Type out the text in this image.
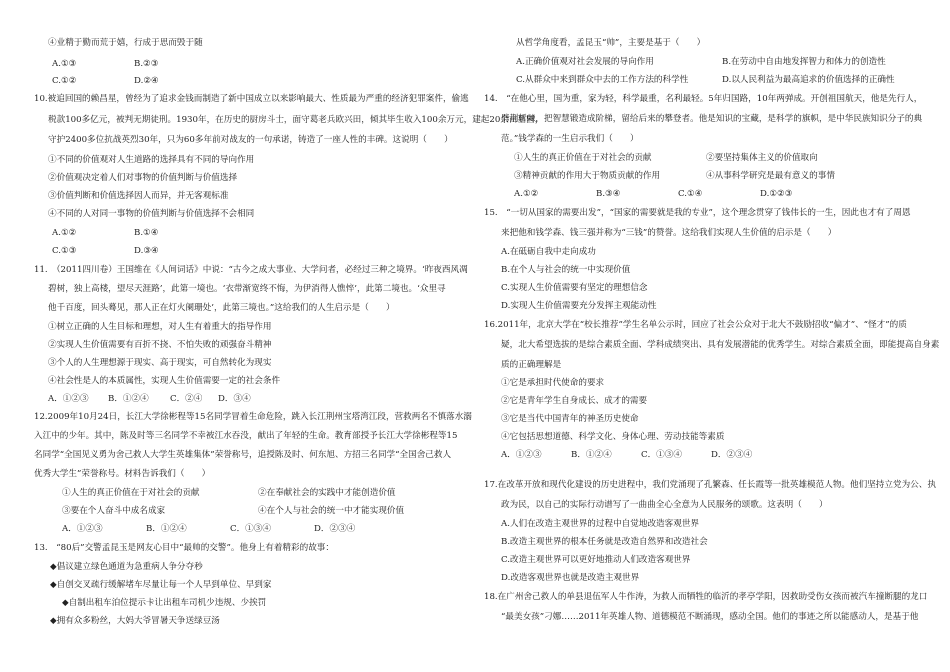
④业精于勤而荒于嬉，行成于思而毁于随
A.①③	B.②③
C.①②	D.②④
10.被追回国的赖昌星，曾经为了追求金钱而制造了新中国成立以来影响最大、性质最为严重的经济犯罪案件，偷逃
税款100多亿元，被判无期徒刑。1930年，在历史的厨房斗士，面守葛老兵欧兴田，倾其毕生收入100余万元，建起20余亩墓园，
守护2400多位抗战英烈30年，只为60多年前对战友的一句承诺，铸造了一座人性的丰碑。这说明（　　）
①不同的价值观对人生道路的选择具有不同的导向作用
②价值观决定着人们对事物的价值判断与价值选择
③价值判断和价值选择因人而异，并无客观标准
④不同的人对同一事物的价值判断与价值选择不会相同
A.①②	B.①④
C.①③	D.③④
11.　（2011四川卷）王国维在《人间词话》中说：“古今之成大事业、大学问者，必经过三种之境界。‘昨夜西风凋
碧树，独上高楼，望尽天涯路’，此第一境也。‘衣带渐宽终不悔，为伊消得人憔悴’，此第二境也。‘众里寻
他千百度，回头蓦见，那人正在灯火阑珊处’，此第三境也。”这给我们的人生启示是（　　）
①树立正确的人生目标和理想，对人生有着重大的指导作用
②实现人生价值需要有百折不挠、不怕失败的顽强奋斗精神
③个人的人生理想源于现实、高于现实，可自然转化为现实
④社会性是人的本质属性，实现人生价值需要一定的社会条件
A．①②③ B．①②④ C．②④ D．③④
12.2009年10月24日，长江大学徐彬程等15名同学冒着生命危险，跳入长江荆州宝塔湾江段，营救两名不慎落水溺
入江中的少年。其中，陈及时等三名同学不幸被江水吞没，献出了年轻的生命。教育部授予长江大学徐彬程等15
名同学“全国见义勇为舍己救人大学生英雄集体”荣誉称号，追授陈及时、何东旭、方招三名同学“全国舍己救人
优秀大学生”荣誉称号。材料告诉我们（　　）
①人生的真正价值在于对社会的贡献	②在奉献社会的实践中才能创造价值
③要在个人奋斗中成名成家	④在个人与社会的统一中才能实现价值
A．①②③	B．①②④	C．①③④	D．②③④
13.　“80后”交警孟昆玉是网友心目中“最帅的交警”。他身上有着精彩的故事：
◆倡议建立绿色通道为急重病人争分夺秒
◆自创交叉疏行缓解堵车尽量让每一个人早到单位、早到家
◆自制出租车泊位提示卡让出租车司机少违规、少挨罚
◆拥有众多粉丝，大妈大爷冒暑天争送绿豆汤
从哲学角度看，孟昆玉“帅”，主要是基于（　　）
A.正确价值观对社会发展的导向作用	B.在劳动中自由地发挥智力和体力的创造性
C.从群众中来到群众中去的工作方法的科学性	D.以人民利益为最高追求的价值选择的正确性
14.　“在他心里，国为重，家为轻，科学最重，名利最轻。5年归国路，10年两弹成。开创祖国航天，他是先行人，
劈荆斩棘，把智慧锻造成阶梯，留给后来的攀登者。他是知识的宝藏，是科学的旗帜，是中华民族知识分子的典
范。”钱学森的一生启示我们（　　）
①人生的真正价值在于对社会的贡献	②要坚持集体主义的价值取向
③精神贡献的作用大于物质贡献的作用	④从事科学研究是最有意义的事情
A.①②	B.③④	C.①④	D.①②③
15.　“一切从国家的需要出发”，“国家的需要就是我的专业”，这个理念贯穿了钱伟长的一生，因此也才有了周恩
来把他和钱学森、钱三强并称为“三钱”的赞誉。这给我们实现人生价值的启示是（　　）
A.在砥砺自我中走向成功
B.在个人与社会的统一中实现价值
C.实现人生价值需要有坚定的理想信念
D.实现人生价值需要充分发挥主观能动性
16.2011年，北京大学在“校长推荐”学生名单公示时，回应了社会公众对于北大不鼓励招收“偏才”、“怪才”的质
疑，北大希望选拔的是综合素质全面、学科成绩突出、具有发展潜能的优秀学生。对综合素质全面，即能提高自身素
质的正确理解是
①它是承担时代使命的要求
②它是青年学生自身成长、成才的需要
③它是当代中国青年的神圣历史使命
④它包括思想道德、科学文化、身体心理、劳动技能等素质
A．①②③	B．①②④	C．①③④	D．②③④
17.在改革开放和现代化建设的历史进程中，我们党涌现了孔繁森、任长霞等一批英雄模范人物。他们坚持立党为公、执
政为民，以自己的实际行动谱写了一曲曲全心全意为人民服务的颂歌。这表明（　　）
A.人们在改造主观世界的过程中自觉地改造客观世界
B.改造主观世界的根本任务就是改造自然界和改造社会
C.改造主观世界可以更好地推动人们改造客观世界
D.改造客观世界也就是改造主观世界
18.在广州舍己救人的单县退伍军人牛作涛，为救人而牺牲的临沂的孝亭学阳，因救助受伤女孩而被汽车撞断腿的龙口
“最美女孩”刁娜……2011年英雄人物、道德模范不断涌现，感动全国。他们的事迹之所以能感动人，是基于他
